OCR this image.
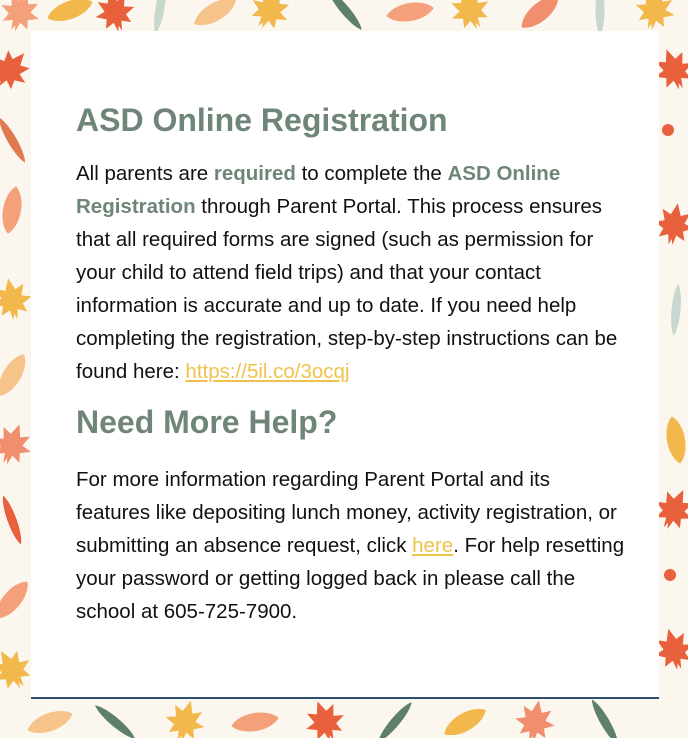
ASD Online Registration

All parents are required to complete the ASD Online Registration through Parent Portal. This process ensures that all required forms are signed (such as permission for your child to attend field trips) and that your contact information is accurate and up to date. If you need help completing the registration, step-by-step instructions can be found here: https://5il.co/3ocqj

Need More Help?

For more information regarding Parent Portal and its features like depositing lunch money, activity registration, or submitting an absence request, click here. For help resetting your password or getting logged back in please call the school at 605-725-7900.
